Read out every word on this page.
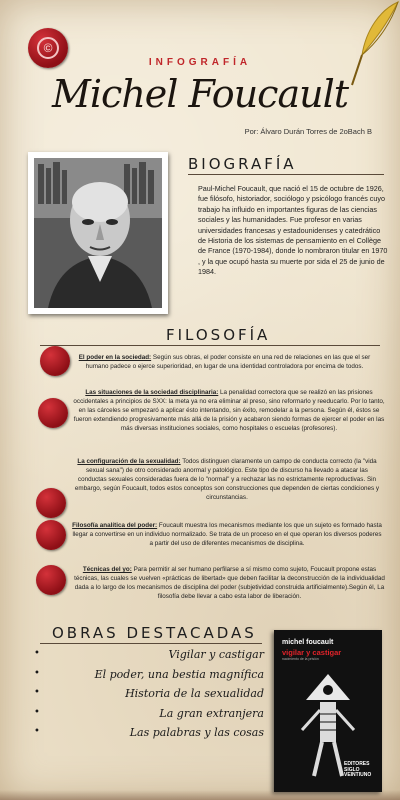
©
INFOGRAFÍA
Michel Foucault
Por: Álvaro Durán Torres de 2oBach B
BIOGRAFÍA
Paul-Michel Foucault, que nació el 15 de octubre de 1926, fue filósofo, historiador, sociólogo y psicólogo francés cuyo trabajo ha influido en importantes figuras de las ciencias sociales y las humanidades. Fue profesor en varias universidades francesas y estadounidenses y catedrático de Historia de los sistemas de pensamiento en el Collège de France (1970-1984), donde lo nombraron titular en 1970 , y la que ocupó hasta su muerte por sida el 25 de junio de 1984.
FILOSOFÍA
El poder en la sociedad: Según sus obras, el poder consiste en una red de relaciones en las que el ser humano padece o ejerce superioridad, en lugar de una identidad controladora por encima de todos.
Las situaciones de la sociedad disciplinaria: La penalidad correctora que se realizó en las prisiones occidentales a principios de SXX: la meta ya no era eliminar al preso, sino reformarlo y reeducarlo. Por lo tanto, en las cárceles se empezaró a aplicar ésto intentando, sin éxito, remodelar a la persona. Según él, éstos se fueron extendiendo progresivamente más allá de la prisión y acabaron siendo formas de ejercer el poder en las más diversas instituciones sociales, como hospitales o escuelas (profesores).
La configuración de la sexualidad: Todos distinguen claramente un campo de conducta correcto (la "vida sexual sana") de otro considerado anormal y patológico. Este tipo de discurso ha llevado a atacar las conductas sexuales consideradas fuera de lo "normal" y a rechazar las no estrictamente reproductivas. Sin embargo, según Foucault, todos estos conceptos son construcciones que dependen de ciertas condiciones y circunstancias.
Filosofía analítica del poder: Foucault muestra los mecanismos mediante los que un sujeto es formado hasta llegar a convertirse en un individuo normalizado. Se trata de un proceso en el que operan los diversos poderes a partir del uso de diferentes mecanismos de disciplina.
Técnicas del yo: Para permitir al ser humano perfilarse a sí mismo como sujeto, Foucault propone estas técnicas, las cuales se vuelven «prácticas de libertad» que deben facilitar la deconstrucción de la individualidad dada a lo largo de los mecanismos de disciplina del poder (subjetividad construida artificialmente).Según él, La filosofía debe llevar a cabo esta labor de liberación.
OBRAS DESTACADAS
•	Vigilar y castigar
•	El poder, una bestia magnífica
•	Historia de la sexualidad
•	La gran extranjera
•	Las palabras y las cosas
michel foucault
vigilar y castigar
nacimiento de la prisión
EDITORES SIGLO VEINTIUNO
